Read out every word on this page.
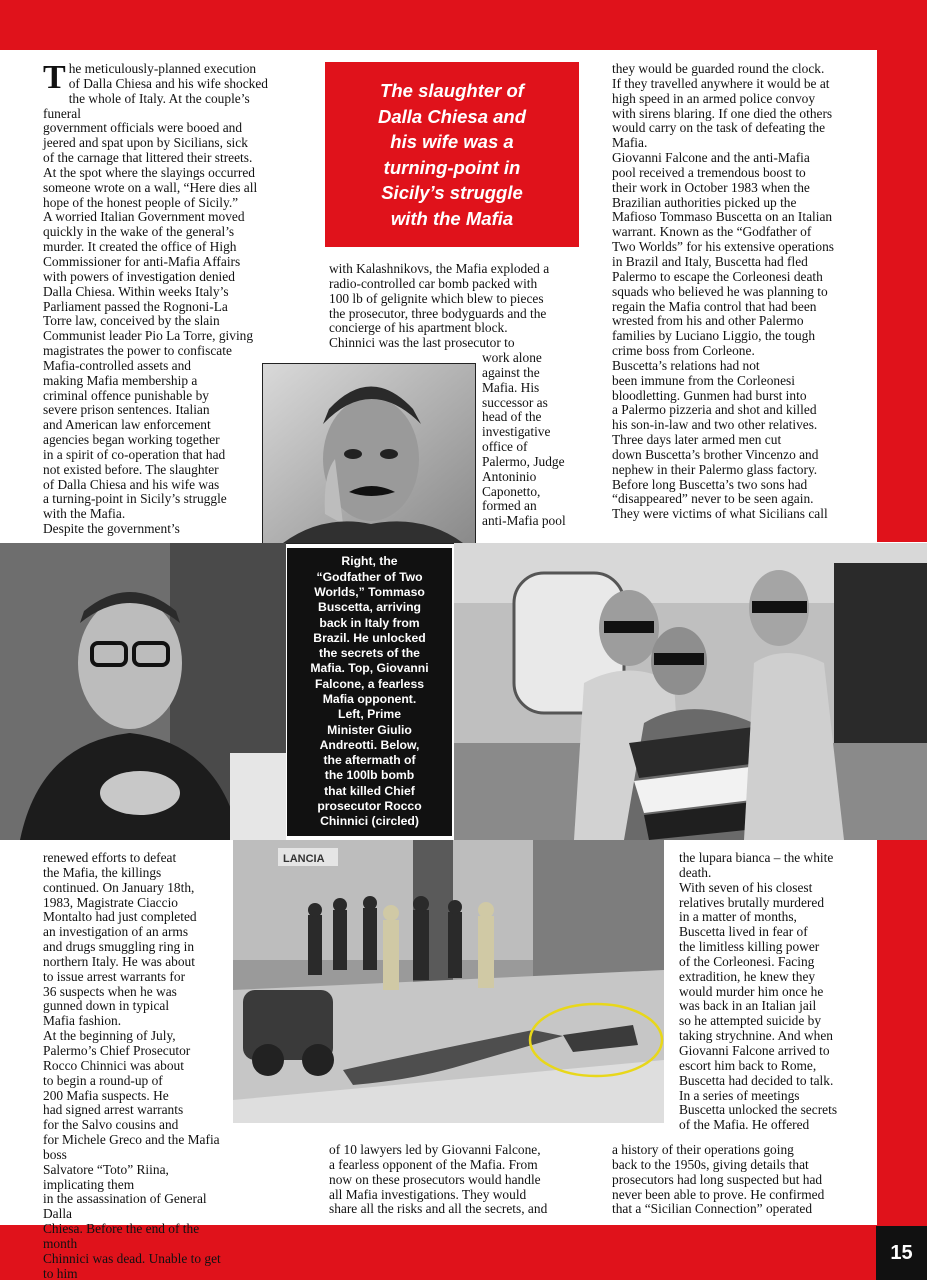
15

The meticulously-planned execution
of Dalla Chiesa and his wife shocked
the whole of Italy. At the couple’s funeral
government officials were booed and
jeered and spat upon by Sicilians, sick
of the carnage that littered their streets.
At the spot where the slayings occurred
someone wrote on a wall, “Here dies all
hope of the honest people of Sicily.”
A worried Italian Government moved
quickly in the wake of the general’s
murder. It created the office of High
Commissioner for anti-Mafia Affairs
with powers of investigation denied
Dalla Chiesa. Within weeks Italy’s
Parliament passed the Rognoni-La
Torre law, conceived by the slain
Communist leader Pio La Torre, giving
magistrates the power to confiscate
Mafia-controlled assets and
making Mafia membership a
criminal offence punishable by
severe prison sentences. Italian
and American law enforcement
agencies began working together
in a spirit of co-operation that had
not existed before. The slaughter
of Dalla Chiesa and his wife was
a turning-point in Sicily’s struggle
with the Mafia.
Despite the government’s

The slaughter of
Dalla Chiesa and
his wife was a
turning-point in
Sicily’s struggle
with the Mafia

with Kalashnikovs, the Mafia exploded a
radio-controlled car bomb packed with
100 lb of gelignite which blew to pieces
the prosecutor, three bodyguards and the
concierge of his apartment block.
Chinnici was the last prosecutor to

work alone
against the
Mafia. His
successor as
head of the
investigative
office of
Palermo, Judge
Antoninio
Caponetto,
formed an
anti-Mafia pool

they would be guarded round the clock.
If they travelled anywhere it would be at
high speed in an armed police convoy
with sirens blaring. If one died the others
would carry on the task of defeating the
Mafia.
Giovanni Falcone and the anti-Mafia
pool received a tremendous boost to
their work in October 1983 when the
Brazilian authorities picked up the
Mafioso Tommaso Buscetta on an Italian
warrant. Known as the “Godfather of
Two Worlds” for his extensive operations
in Brazil and Italy, Buscetta had fled
Palermo to escape the Corleonesi death
squads who believed he was planning to
regain the Mafia control that had been
wrested from his and other Palermo
families by Luciano Liggio, the tough
crime boss from Corleone.
Buscetta’s relations had not
been immune from the Corleonesi
bloodletting. Gunmen had burst into
a Palermo pizzeria and shot and killed
his son-in-law and two other relatives.
Three days later armed men cut
down Buscetta’s brother Vincenzo and
nephew in their Palermo glass factory.
Before long Buscetta’s two sons had
“disappeared” never to be seen again.
They were victims of what Sicilians call

Right, the
“Godfather of Two
Worlds,” Tommaso
Buscetta, arriving
back in Italy from
Brazil. He unlocked
the secrets of the
Mafia. Top, Giovanni
Falcone, a fearless
Mafia opponent.
Left, Prime
Minister Giulio
Andreotti. Below,
the aftermath of
the 100lb bomb
that killed Chief
prosecutor Rocco
Chinnici (circled)
LANCIA

renewed efforts to defeat
the Mafia, the killings
continued. On January 18th,
1983, Magistrate Ciaccio
Montalto had just completed
an investigation of an arms
and drugs smuggling ring in
northern Italy. He was about
to issue arrest warrants for
36 suspects when he was
gunned down in typical
Mafia fashion.
At the beginning of July,
Palermo’s Chief Prosecutor
Rocco Chinnici was about
to begin a round-up of
200 Mafia suspects. He
had signed arrest warrants
for the Salvo cousins and
for Michele Greco and the Mafia boss
Salvatore “Toto” Riina, implicating them
in the assassination of General Dalla
Chiesa. Before the end of the month
Chinnici was dead. Unable to get to him

of 10 lawyers led by Giovanni Falcone,
a fearless opponent of the Mafia. From
now on these prosecutors would handle
all Mafia investigations. They would
share all the risks and all the secrets, and

the lupara bianca – the white
death.
With seven of his closest
relatives brutally murdered
in a matter of months,
Buscetta lived in fear of
the limitless killing power
of the Corleonesi. Facing
extradition, he knew they
would murder him once he
was back in an Italian jail
so he attempted suicide by
taking strychnine. And when
Giovanni Falcone arrived to
escort him back to Rome,
Buscetta had decided to talk.
In a series of meetings
Buscetta unlocked the secrets
of the Mafia. He offered

a history of their operations going
back to the 1950s, giving details that
prosecutors had long suspected but had
never been able to prove. He confirmed
that a “Sicilian Connection” operated
